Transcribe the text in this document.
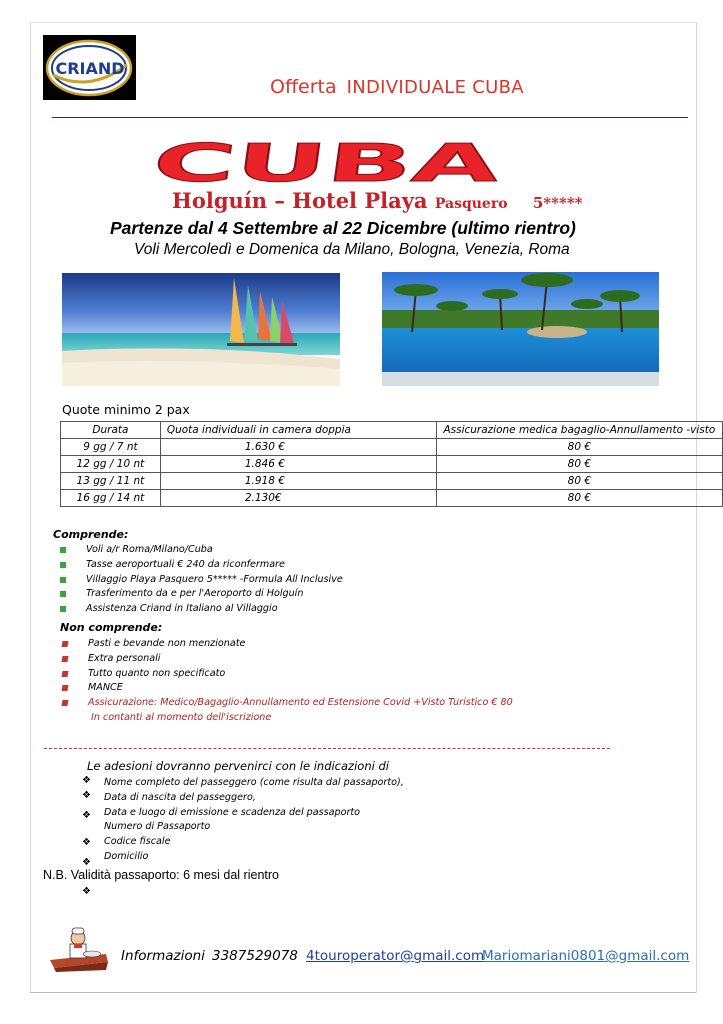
CRIAND
Offerta INDIVIDUALE CUBA
CUBA
Holguín – Hotel Playa Pasquero 5*****
Partenze dal 4 Settembre al 22 Dicembre (ultimo rientro)
Voli Mercoledì e Domenica da Milano, Bologna, Venezia, Roma
Quote minimo 2 pax
Durata	Quota individuali in camera doppia	Assicurazione medica bagaglio-Annullamento -visto
9 gg / 7 nt	1.630 €	80 €
12 gg / 10 nt	1.846 €	80 €
13 gg / 11 nt	1.918 €	80 €
16 gg / 14 nt	2.130€	80 €
Comprende:
Voli a/r Roma/Milano/Cuba
Tasse aeroportuali € 240 da riconfermare
Villaggio Playa Pasquero 5***** -Formula All Inclusive
Trasferimento da e per l'Aeroporto di Holguín
Assistenza Criand in Italiano al Villaggio
Non comprende:
Pasti e bevande non menzionate
Extra personali
Tutto quanto non specificato
MANCE
Assicurazione: Medico/Bagaglio-Annullamento ed Estensione Covid +Visto Turistico € 80
In contanti al momento dell'iscrizione
Le adesioni dovranno pervenirci con le indicazioni di
❖ Nome completo del passeggero (come risulta dal passaporto),
❖ Data di nascita del passeggero,
❖ Data e luogo di emissione e scadenza del passaporto
Numero di Passaporto
❖ Codice fiscale
❖
Domicilio
N.B. Validità passaporto: 6 mesi dal rientro
❖
Informazioni 3387529078 4touroperator@gmail.com
Mariomariani0801@gmail.com
